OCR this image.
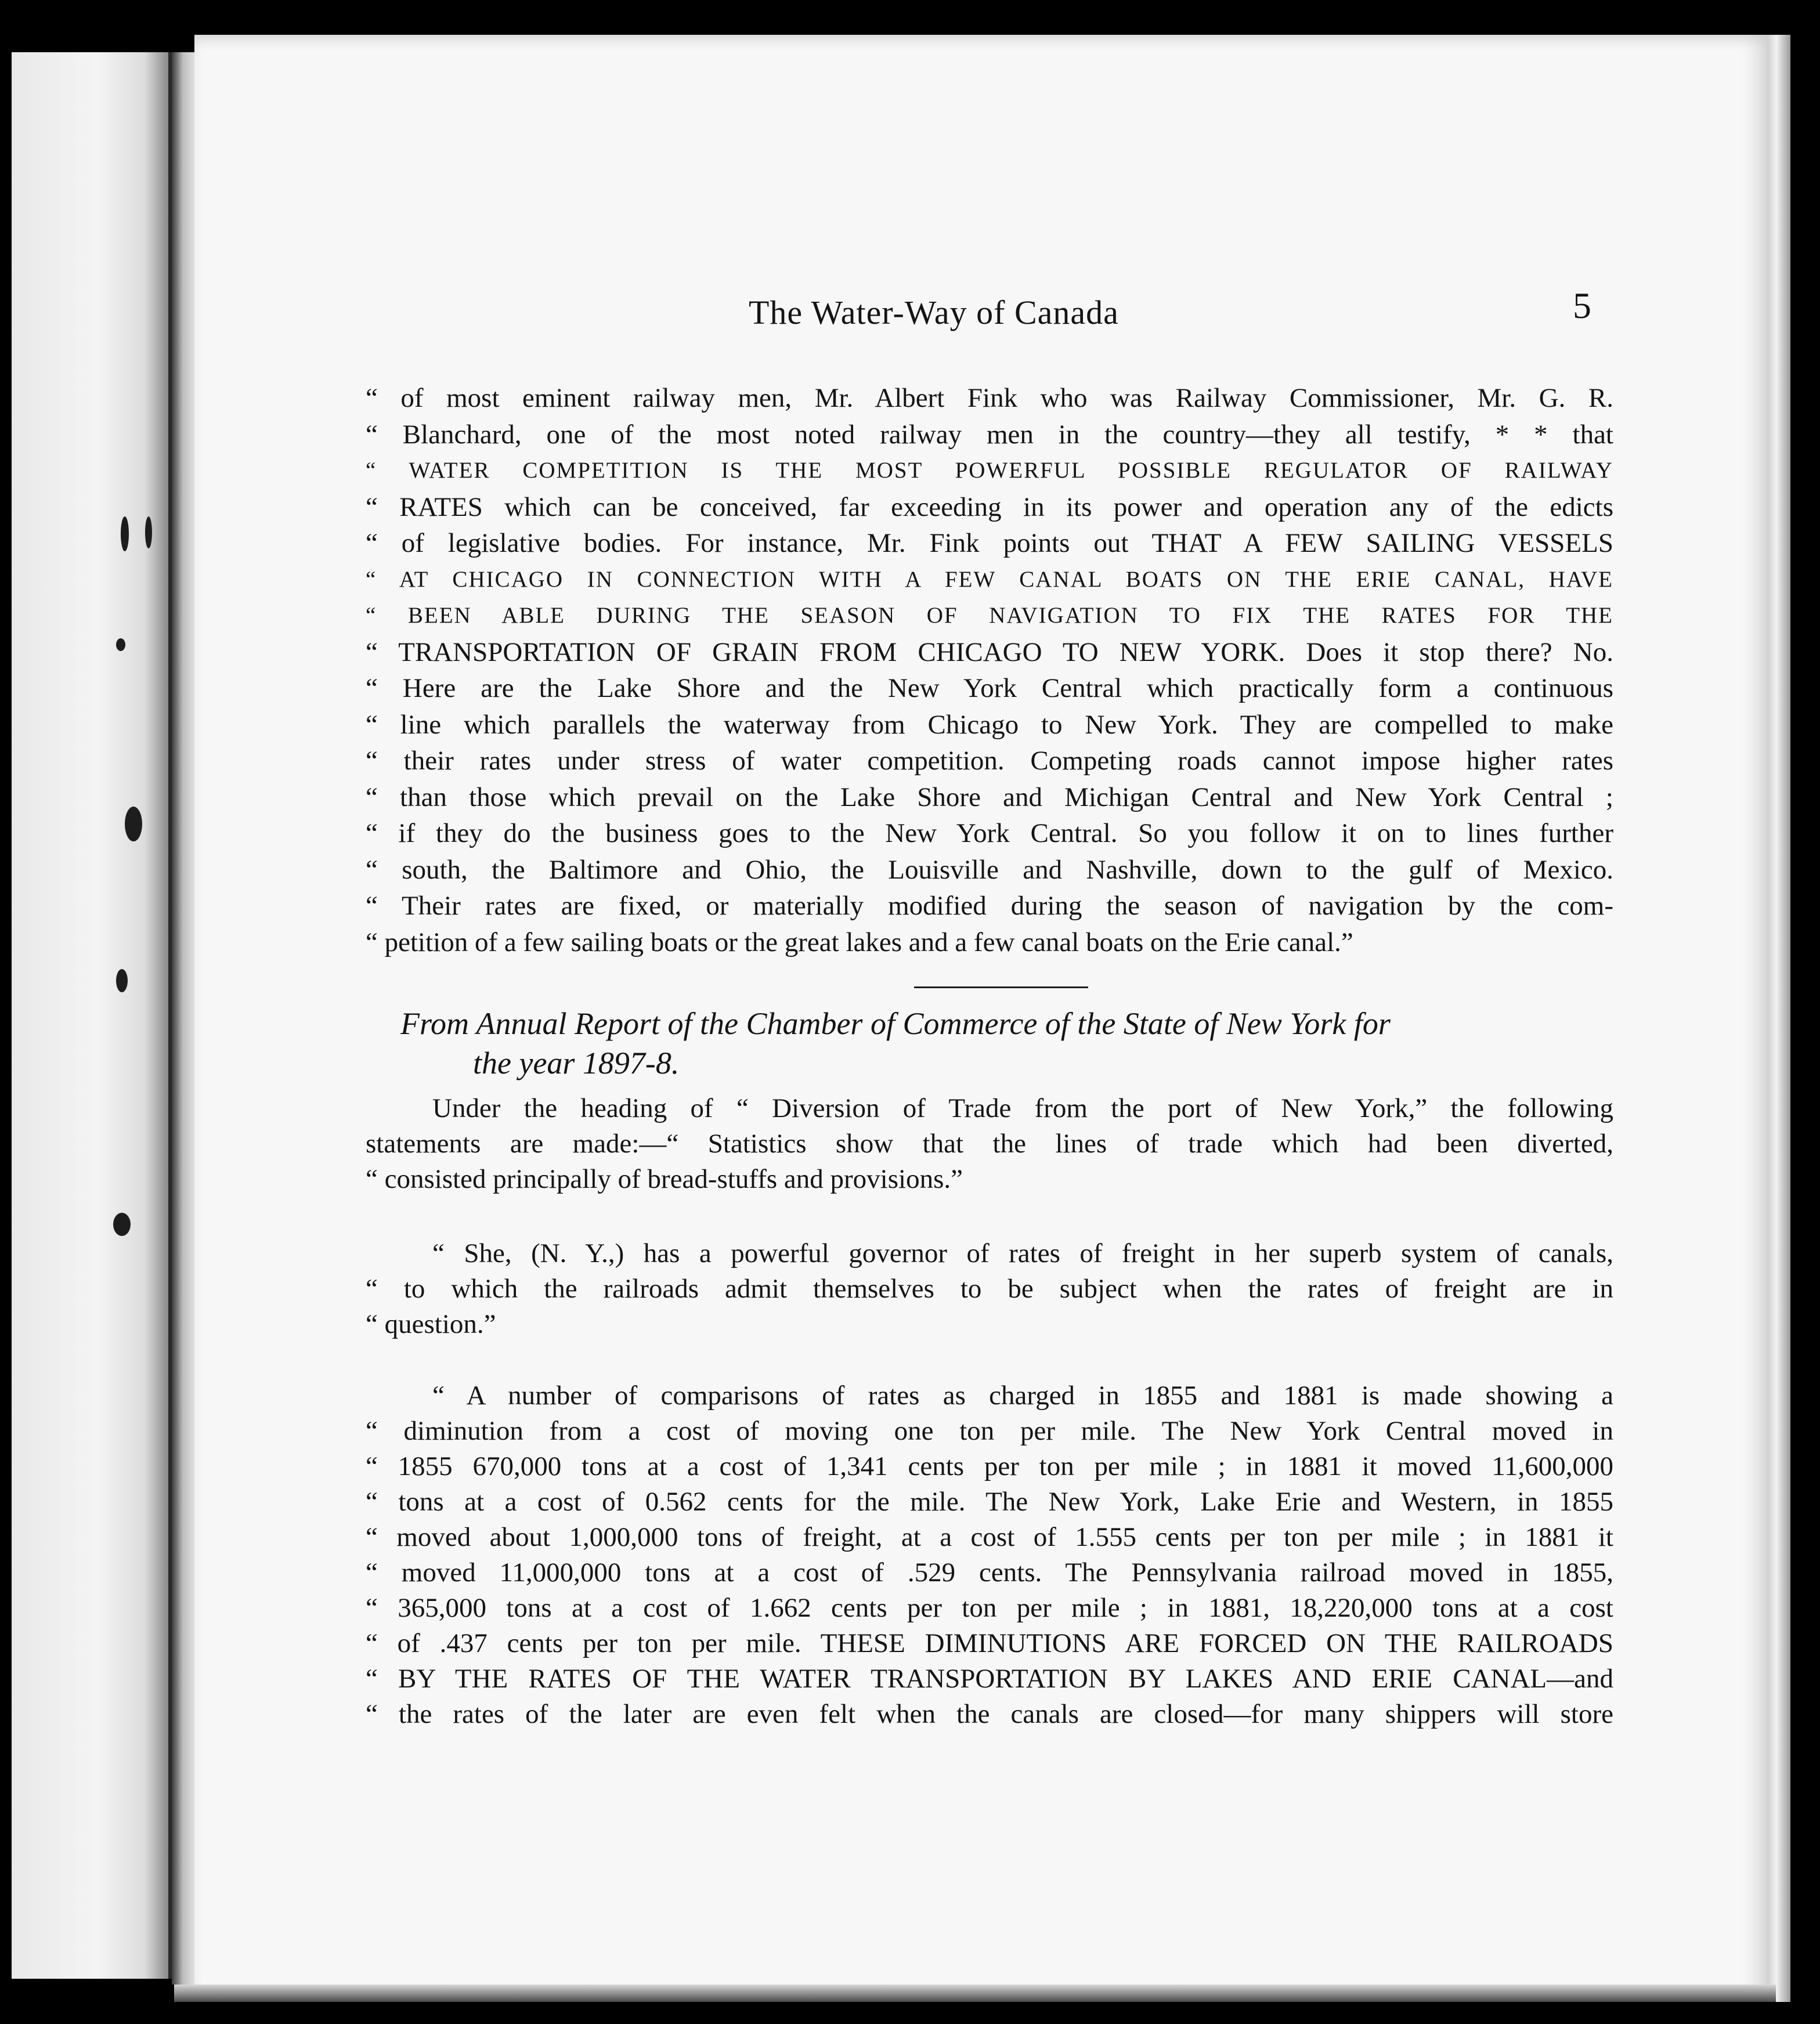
The Water-Way of Canada	5
“ of most eminent railway men, Mr. Albert Fink who was Railway Commissioner, Mr. G. R.
“ Blanchard, one of the most noted railway men in the country—they all testify, * * that
“ WATER COMPETITION IS THE MOST POWERFUL POSSIBLE REGULATOR OF RAILWAY
“ RATES which can be conceived, far exceeding in its power and operation any of the edicts
“ of legislative bodies. For instance, Mr. Fink points out THAT A FEW SAILING VESSELS
“ AT CHICAGO IN CONNECTION WITH A FEW CANAL BOATS ON THE ERIE CANAL, HAVE
“ BEEN ABLE DURING THE SEASON OF NAVIGATION TO FIX THE RATES FOR THE
“ TRANSPORTATION OF GRAIN FROM CHICAGO TO NEW YORK. Does it stop there? No.
“ Here are the Lake Shore and the New York Central which practically form a continuous
“ line which parallels the waterway from Chicago to New York. They are compelled to make
“ their rates under stress of water competition. Competing roads cannot impose higher rates
“ than those which prevail on the Lake Shore and Michigan Central and New York Central ;
“ if they do the business goes to the New York Central. So you follow it on to lines further
“ south, the Baltimore and Ohio, the Louisville and Nashville, down to the gulf of Mexico.
“ Their rates are fixed, or materially modified during the season of navigation by the com-
“ petition of a few sailing boats or the great lakes and a few canal boats on the Erie canal.”
From Annual Report of the Chamber of Commerce of the State of New York for
the year 1897-8.
Under the heading of “ Diversion of Trade from the port of New York,” the following
statements are made:—“ Statistics show that the lines of trade which had been diverted,
“ consisted principally of bread-stuffs and provisions.”
“ She, (N. Y.,) has a powerful governor of rates of freight in her superb system of canals,
“ to which the railroads admit themselves to be subject when the rates of freight are in
“ question.”
“ A number of comparisons of rates as charged in 1855 and 1881 is made showing a
“ diminution from a cost of moving one ton per mile. The New York Central moved in
“ 1855 670,000 tons at a cost of 1,341 cents per ton per mile ; in 1881 it moved 11,600,000
“ tons at a cost of 0.562 cents for the mile. The New York, Lake Erie and Western, in 1855
“ moved about 1,000,000 tons of freight, at a cost of 1.555 cents per ton per mile ; in 1881 it
“ moved 11,000,000 tons at a cost of .529 cents. The Pennsylvania railroad moved in 1855,
“ 365,000 tons at a cost of 1.662 cents per ton per mile ; in 1881, 18,220,000 tons at a cost
“ of .437 cents per ton per mile. THESE DIMINUTIONS ARE FORCED ON THE RAILROADS
“ BY THE RATES OF THE WATER TRANSPORTATION BY LAKES AND ERIE CANAL—and
“ the rates of the later are even felt when the canals are closed—for many shippers will store
